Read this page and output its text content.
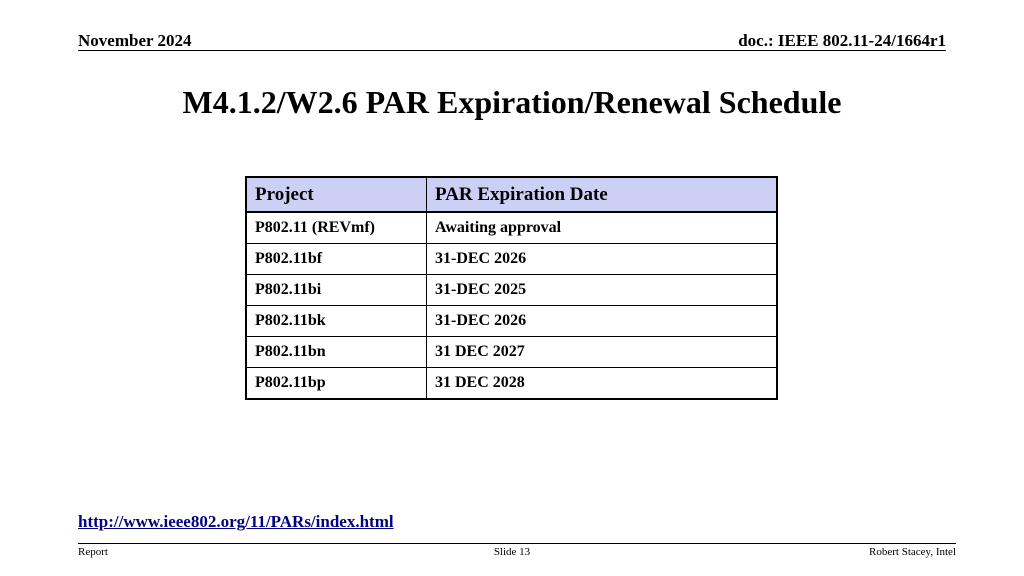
November 2024	doc.: IEEE 802.11-24/1664r1
M4.1.2/W2.6 PAR Expiration/Renewal Schedule
Project	PAR Expiration Date
P802.11 (REVmf)	Awaiting approval
P802.11bf	31-DEC 2026
P802.11bi	31-DEC 2025
P802.11bk	31-DEC 2026
P802.11bn	31 DEC 2027
P802.11bp	31 DEC 2028
http://www.ieee802.org/11/PARs/index.html
Report	Slide 13	Robert Stacey, Intel
